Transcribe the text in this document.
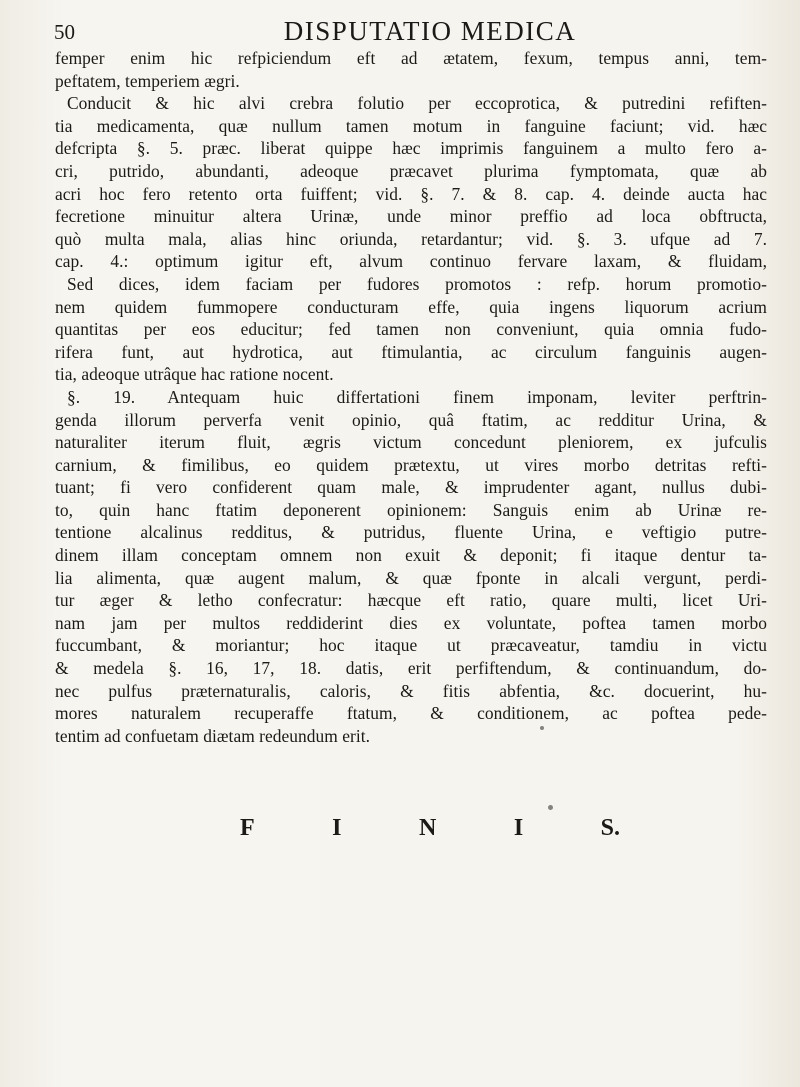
50	DISPUTATIO MEDICA
femper enim hic refpiciendum eft ad ætatem, fexum, tempus anni, tem-
peftatem, temperiem ægri.
Conducit & hic alvi crebra folutio per eccoprotica, & putredini refiften-
tia medicamenta, quæ nullum tamen motum in fanguine faciunt; vid. hæc
defcripta §. 5. præc. liberat quippe hæc imprimis fanguinem a multo fero a-
cri, putrido, abundanti, adeoque præcavet plurima fymptomata, quæ ab
acri hoc fero retento orta fuiffent; vid. §. 7. & 8. cap. 4. deinde aucta hac
fecretione minuitur altera Urinæ, unde minor preffio ad loca obftructa,
quò multa mala, alias hinc oriunda, retardantur; vid. §. 3. ufque ad 7.
cap. 4.: optimum igitur eft, alvum continuo fervare laxam, & fluidam,
Sed dices, idem faciam per fudores promotos : refp. horum promotio-
nem quidem fummopere conducturam effe, quia ingens liquorum acrium
quantitas per eos educitur; fed tamen non conveniunt, quia omnia fudo-
rifera funt, aut hydrotica, aut ftimulantia, ac circulum fanguinis augen-
tia, adeoque utrâque hac ratione nocent.
§. 19. Antequam huic differtationi finem imponam, leviter perftrin-
genda illorum perverfa venit opinio, quâ ftatim, ac redditur Urina, &
naturaliter iterum fluit, ægris victum concedunt pleniorem, ex jufculis
carnium, & fimilibus, eo quidem prætextu, ut vires morbo detritas refti-
tuant; fi vero confiderent quam male, & imprudenter agant, nullus dubi-
to, quin hanc ftatim deponerent opinionem: Sanguis enim ab Urinæ re-
tentione alcalinus redditus, & putridus, fluente Urina, e veftigio putre-
dinem illam conceptam omnem non exuit & deponit; fi itaque dentur ta-
lia alimenta, quæ augent malum, & quæ fponte in alcali vergunt, perdi-
tur æger & letho confecratur: hæcque eft ratio, quare multi, licet Uri-
nam jam per multos reddiderint dies ex voluntate, poftea tamen morbo
fuccumbant, & moriantur; hoc itaque ut præcaveatur, tamdiu in victu
& medela §. 16, 17, 18. datis, erit perfiftendum, & continuandum, do-
nec pulfus præternaturalis, caloris, & fitis abfentia, &c. docuerint, hu-
mores naturalem recuperaffe ftatum, & conditionem, ac poftea pede-
tentim ad confuetam diætam redeundum erit.
F	I	N	I	S.
